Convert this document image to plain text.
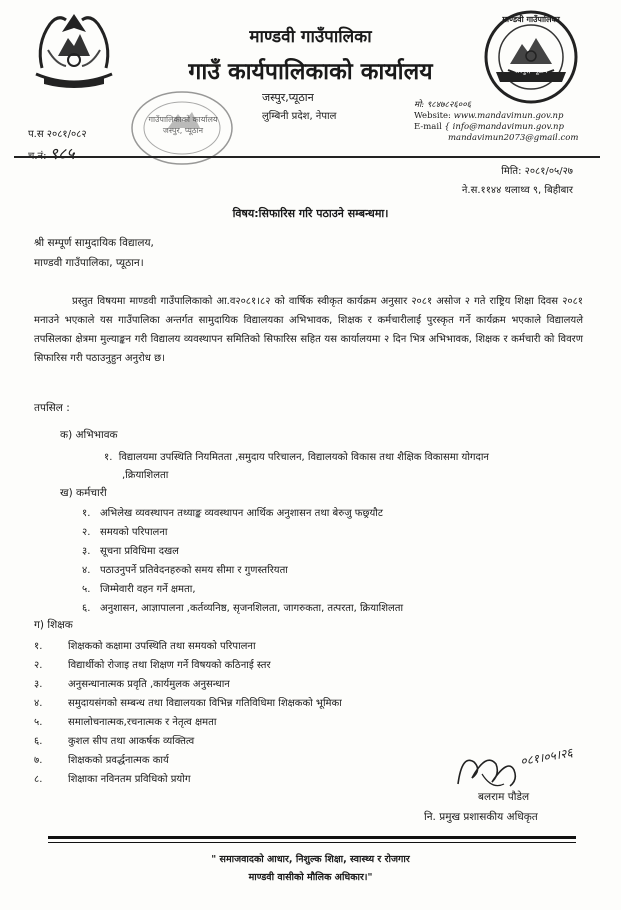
माण्डवी गाउँपालिका
जस्पुर, प्यूठान
गाउँपालिकाको कार्यालय जस्पुर, प्यूठान
माण्डवी गाउँपालिका
गाउँ कार्यपालिकाको कार्यालय
जस्पुर,प्यूठान
लुम्बिनी प्रदेश, नेपाल
मो: ९८४७८२६००६
Website: www.mandavimun.gov.np
E-mail { info@mandavimun.gov.np
mandavimun2073@gmail.com
प.स २०८१/०८२
च.नं: ९८५
मिति: २०८१/०५/२७
ने.स.११४४ थलाथ्व ९, बिहीबार
विषय:सिफारिस गरि पठाउने सम्बन्धमा।
श्री सम्पूर्ण सामुदायिक विद्यालय,
माण्डवी गाउँपालिका, प्यूठान।
प्रस्तुत विषयमा माण्डवी गाउँपालिकाको आ.व२०८१।८२ को वार्षिक स्वीकृत कार्यक्रम अनुसार २०८१ असोज २ गते राष्ट्रिय शिक्षा दिवस २०८१ मनाउने भएकाले यस गाउँपालिका अन्तर्गत सामुदायिक विद्यालयका अभिभावक, शिक्षक र कर्मचारीलाई पुरस्कृत गर्ने कार्यक्रम भएकाले विद्यालयले तपसिलका क्षेत्रमा मुल्याङ्कन गरी विद्यालय व्यवस्थापन समितिको सिफारिस सहित यस कार्यालयमा २ दिन भित्र अभिभावक, शिक्षक र कर्मचारी को विवरण सिफारिस गरी पठाउनुहुन अनुरोध छ।
तपसिल :
क) अभिभावक
१. विद्यालयमा उपस्थिति नियमितता ,समुदाय परिचालन, विद्यालयको विकास तथा शैक्षिक विकासमा योगदान
,क्रियाशिलता
ख) कर्मचारी
१. अभिलेख व्यवस्थापन तथ्याङ्क व्यवस्थापन आर्थिक अनुशासन तथा बेरुजु फछ्र्यौट
२. समयको परिपालना
३. सूचना प्रविधिमा दखल
४. पठाउनुपर्ने प्रतिवेदनहरुको समय सीमा र गुणस्तरियता
५. जिम्मेवारी वहन गर्ने क्षमता,
६. अनुशासन, आज्ञापालना ,कर्तव्यनिष्ठ, सृजनशिलता, जागरुकता, तत्परता, क्रियाशिलता
ग) शिक्षक
१.	शिक्षकको कक्षामा उपस्थिति तथा समयको परिपालना
२.	विद्यार्थीको रोजाइ तथा शिक्षण गर्ने विषयको कठिनाई स्तर
३.	अनुसन्धानात्मक प्रवृति ,कार्यमुलक अनुसन्धान
४.	समुदायसंगको सम्बन्ध तथा विद्यालयका विभिन्न गतिविधिमा शिक्षकको भूमिका
५.	समालोचनात्मक,रचनात्मक र नेतृत्व क्षमता
६.	कुशल सीप तथा आकर्षक व्यक्तित्व
७.	शिक्षकको प्रवर्द्धनात्मक कार्य
८.	शिक्षाका नविनतम प्रविधिको प्रयोग
०८१।०५।२६
बलराम पौडेल
नि. प्रमुख प्रशासकीय अधिकृत
" समाजवादको आधार, निशुल्क शिक्षा, स्वास्थ्य र रोजगार
माण्डवी वासीको मौलिक अधिकार।"
